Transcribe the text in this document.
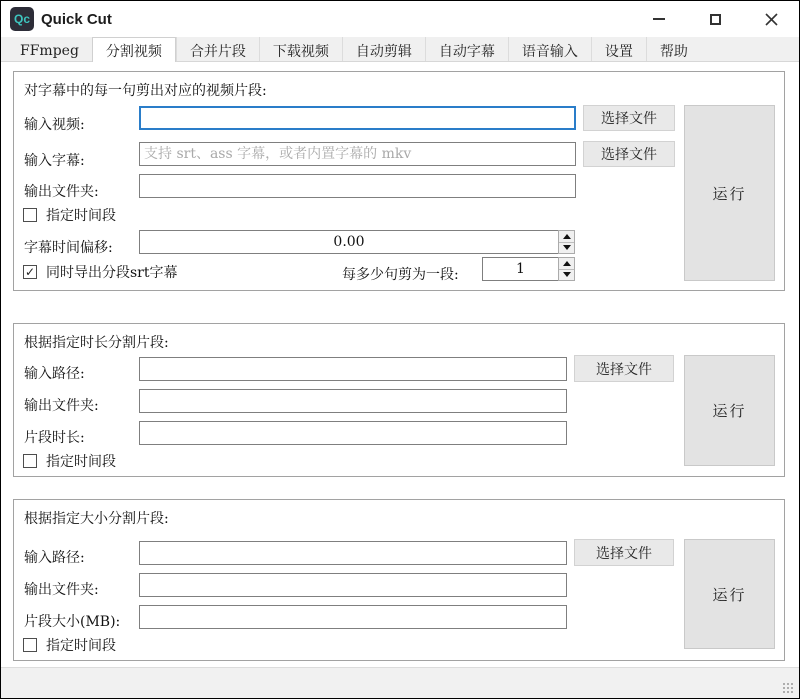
Qc Quick Cut
FFmpeg	分割视频	合并片段	下载视频	自动剪辑	自动字幕	语音输入	设置	帮助
对字幕中的每一句剪出对应的视频片段:
输入视频:	选择文件
输入字幕:
支持 srt、ass 字幕，或者内置字幕的 mkv	选择文件
输出文件夹:
指定时间段
字幕时间偏移:
0.00
✓
同时导出分段srt字幕	每多少句剪为一段:
1
运行
根据指定时长分割片段:
输入路径:	选择文件
输出文件夹:
片段时长:
指定时间段
运行
根据指定大小分割片段:
输入路径:	选择文件
输出文件夹:
片段大小(MB):
指定时间段
运行
